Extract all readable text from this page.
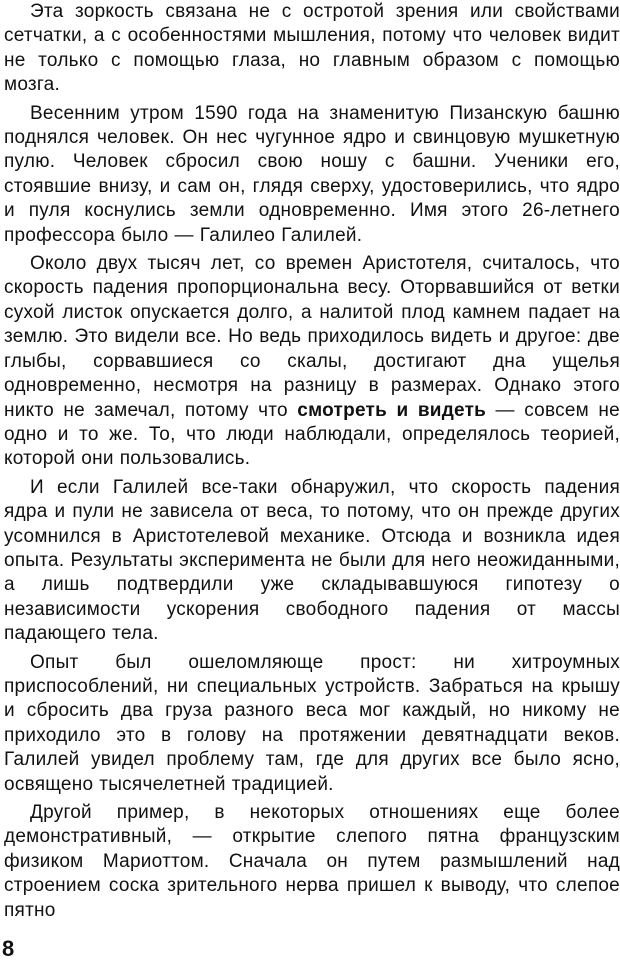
Эта зоркость связана не с остротой зрения или свойствами сетчатки, а с особенностями мышления, потому что человек видит не только с помощью глаза, но главным образом с помощью мозга.

Весенним утром 1590 года на знаменитую Пизанскую башню поднялся человек. Он нес чугунное ядро и свинцовую мушкетную пулю. Человек сбросил свою ношу с башни. Ученики его, стоявшие внизу, и сам он, глядя сверху, удостоверились, что ядро и пуля коснулись земли одновременно. Имя этого 26-летнего профессора было — Галилео Галилей.

Около двух тысяч лет, со времен Аристотеля, считалось, что скорость падения пропорциональна весу. Оторвавшийся от ветки сухой листок опускается долго, а налитой плод камнем падает на землю. Это видели все. Но ведь приходилось видеть и другое: две глыбы, сорвавшиеся со скалы, достигают дна ущелья одновременно, несмотря на разницу в размерах. Однако этого никто не замечал, потому что смотреть и видеть — совсем не одно и то же. То, что люди наблюдали, определялось теорией, которой они пользовались.

И если Галилей все-таки обнаружил, что скорость падения ядра и пули не зависела от веса, то потому, что он прежде других усомнился в Аристотелевой механике. Отсюда и возникла идея опыта. Результаты эксперимента не были для него неожиданными, а лишь подтвердили уже складывавшуюся гипотезу о независимости ускорения свободного падения от массы падающего тела.

Опыт был ошеломляюще прост: ни хитроумных приспособлений, ни специальных устройств. Забраться на крышу и сбросить два груза разного веса мог каждый, но никому не приходило это в голову на протяжении девятнадцати веков. Галилей увидел проблему там, где для других все было ясно, освящено тысячелетней традицией.

Другой пример, в некоторых отношениях еще более демонстративный, — открытие слепого пятна французским физиком Мариоттом. Сначала он путем размышлений над строением соска зрительного нерва пришел к выводу, что слепое пятно

8
